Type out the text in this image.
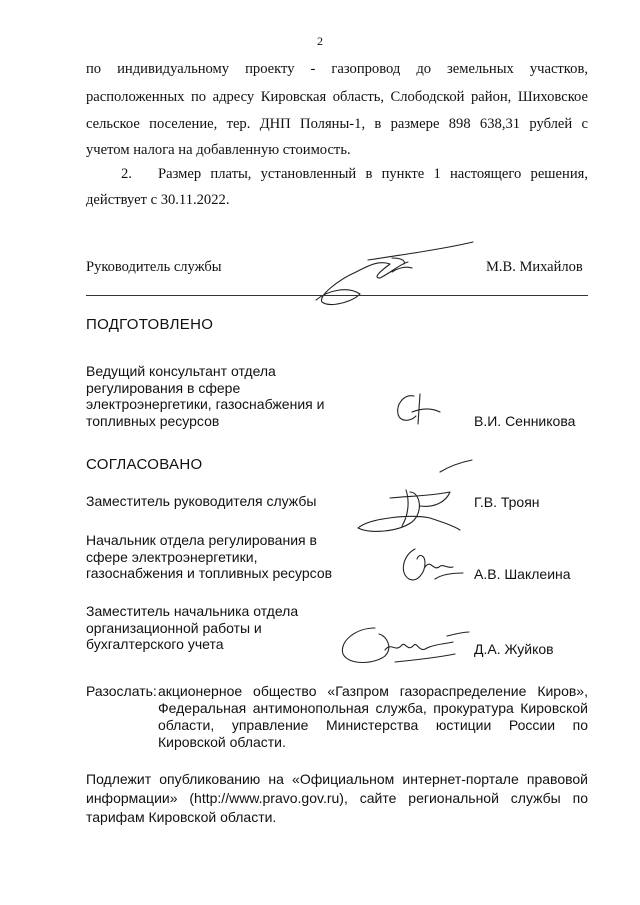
2
по индивидуальному проекту - газопровод до земельных участков,
расположенных по адресу Кировская область, Слободской район, Шиховское
сельское поселение, тер. ДНП Поляны-1, в размере 898 638,31 рублей с
учетом налога на добавленную стоимость.
2. Размер платы, установленный в пункте 1 настоящего решения,
действует с 30.11.2022.
Руководитель службы	М.В. Михайлов
ПОДГОТОВЛЕНО
Ведущий консультант отдела
регулирования в сфере
электроэнергетики, газоснабжения и
топливных ресурсов	В.И. Сенникова
СОГЛАСОВАНО
Заместитель руководителя службы	Г.В. Троян
Начальник отдела регулирования в
сфере электроэнергетики,
газоснабжения и топливных ресурсов	А.В. Шаклеина
Заместитель начальника отдела
организационной работы и
бухгалтерского учета	Д.А. Жуйков
Разослать: акционерное общество «Газпром газораспределение Киров»,
Федеральная антимонопольная служба, прокуратура Кировской
области, управление Министерства юстиции России по
Кировской области.
Подлежит опубликованию на «Официальном интернет-портале правовой
информации» (http://www.pravo.gov.ru), сайте региональной службы по
тарифам Кировской области.
